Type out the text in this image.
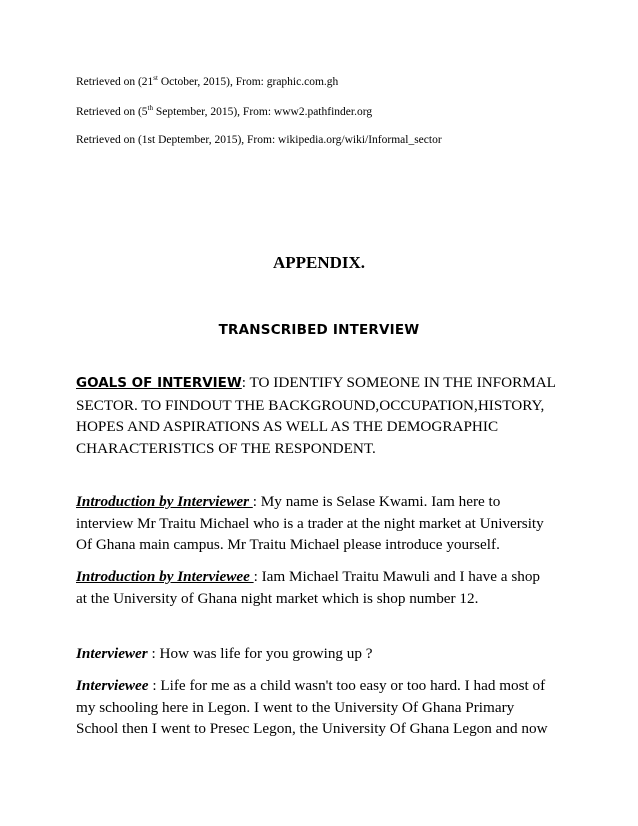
Retrieved on (21st October, 2015), From: graphic.com.gh
Retrieved on (5th September, 2015), From: www2.pathfinder.org
Retrieved on (1st Deptember, 2015), From: wikipedia.org/wiki/Informal_sector
APPENDIX.
TRANSCRIBED INTERVIEW
GOALS OF INTERVIEW: TO IDENTIFY SOMEONE IN THE INFORMAL
SECTOR. TO FINDOUT THE BACKGROUND,OCCUPATION,HISTORY,
HOPES AND ASPIRATIONS AS WELL AS THE DEMOGRAPHIC
CHARACTERISTICS OF THE RESPONDENT.
Introduction by Interviewer : My name is Selase Kwami. Iam here to
interview Mr Traitu Michael who is a trader at the night market at University
Of Ghana main campus. Mr Traitu Michael please introduce yourself.
Introduction by Interviewee : Iam Michael Traitu Mawuli and I have a shop
at the University of Ghana night market which is shop number 12.
Interviewer : How was life for you growing up ?
Interviewee : Life for me as a child wasn't too easy or too hard. I had most of
my schooling here in Legon. I went to the University Of Ghana Primary
School then I went to Presec Legon, the University Of Ghana Legon and now
